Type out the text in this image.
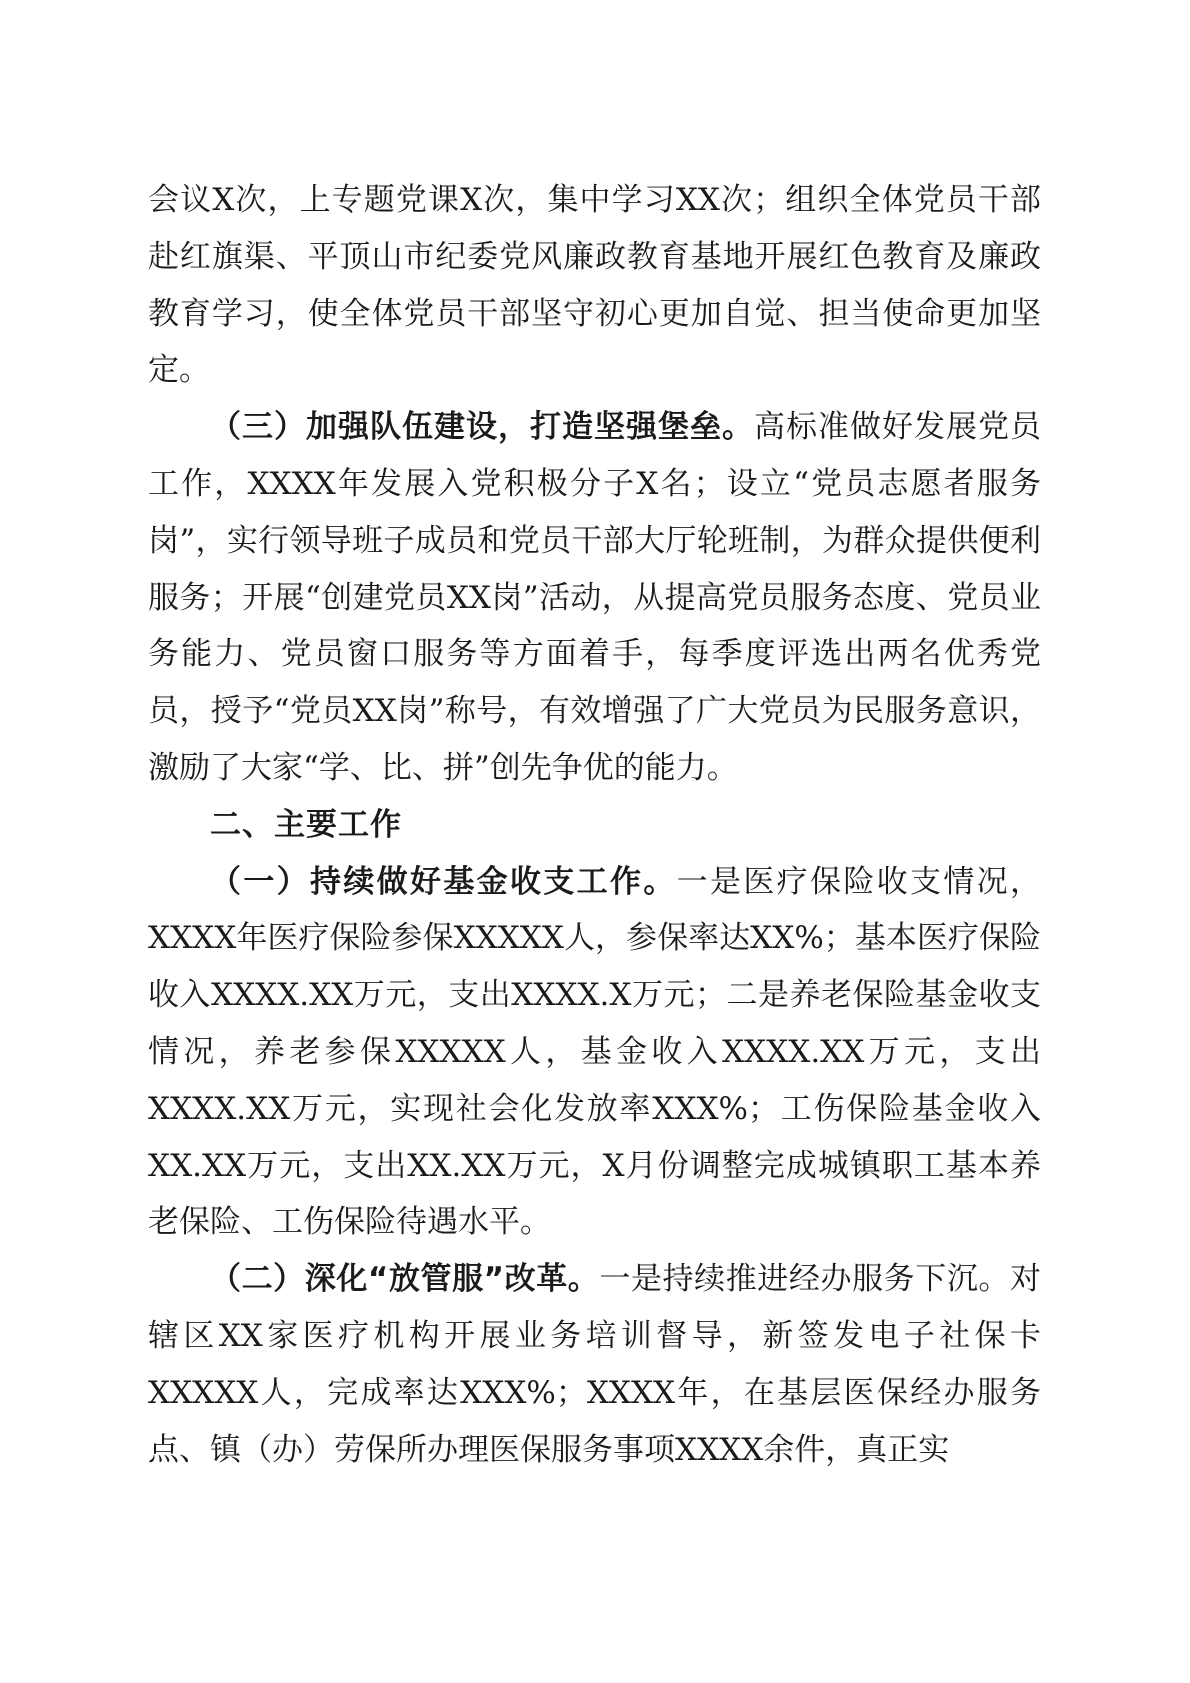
会议X次，上专题党课X次，集中学习XX次；组织全体党员干部赴红旗渠、平顶山市纪委党风廉政教育基地开展红色教育及廉政教育学习，使全体党员干部坚守初心更加自觉、担当使命更加坚定。

（三）加强队伍建设，打造坚强堡垒。高标准做好发展党员工作，XXXX年发展入党积极分子X名；设立“党员志愿者服务岗”，实行领导班子成员和党员干部大厅轮班制，为群众提供便利服务；开展“创建党员XX岗”活动，从提高党员服务态度、党员业务能力、党员窗口服务等方面着手，每季度评选出两名优秀党员，授予“党员XX岗”称号，有效增强了广大党员为民服务意识，激励了大家“学、比、拼”创先争优的能力。

二、主要工作

（一）持续做好基金收支工作。一是医疗保险收支情况，XXXX年医疗保险参保XXXXX人，参保率达XX%；基本医疗保险收入XXXX.XX万元，支出XXXX.X万元；二是养老保险基金收支情况，养老参保XXXXX人，基金收入XXXX.XX万元，支出XXXX.XX万元，实现社会化发放率XXX%；工伤保险基金收入XX.XX万元，支出XX.XX万元，X月份调整完成城镇职工基本养老保险、工伤保险待遇水平。

（二）深化“放管服”改革。一是持续推进经办服务下沉。对辖区XX家医疗机构开展业务培训督导，新签发电子社保卡XXXXX人，完成率达XXX%；XXXX年，在基层医保经办服务点、镇（办）劳保所办理医保服务事项XXXX余件，真正实
